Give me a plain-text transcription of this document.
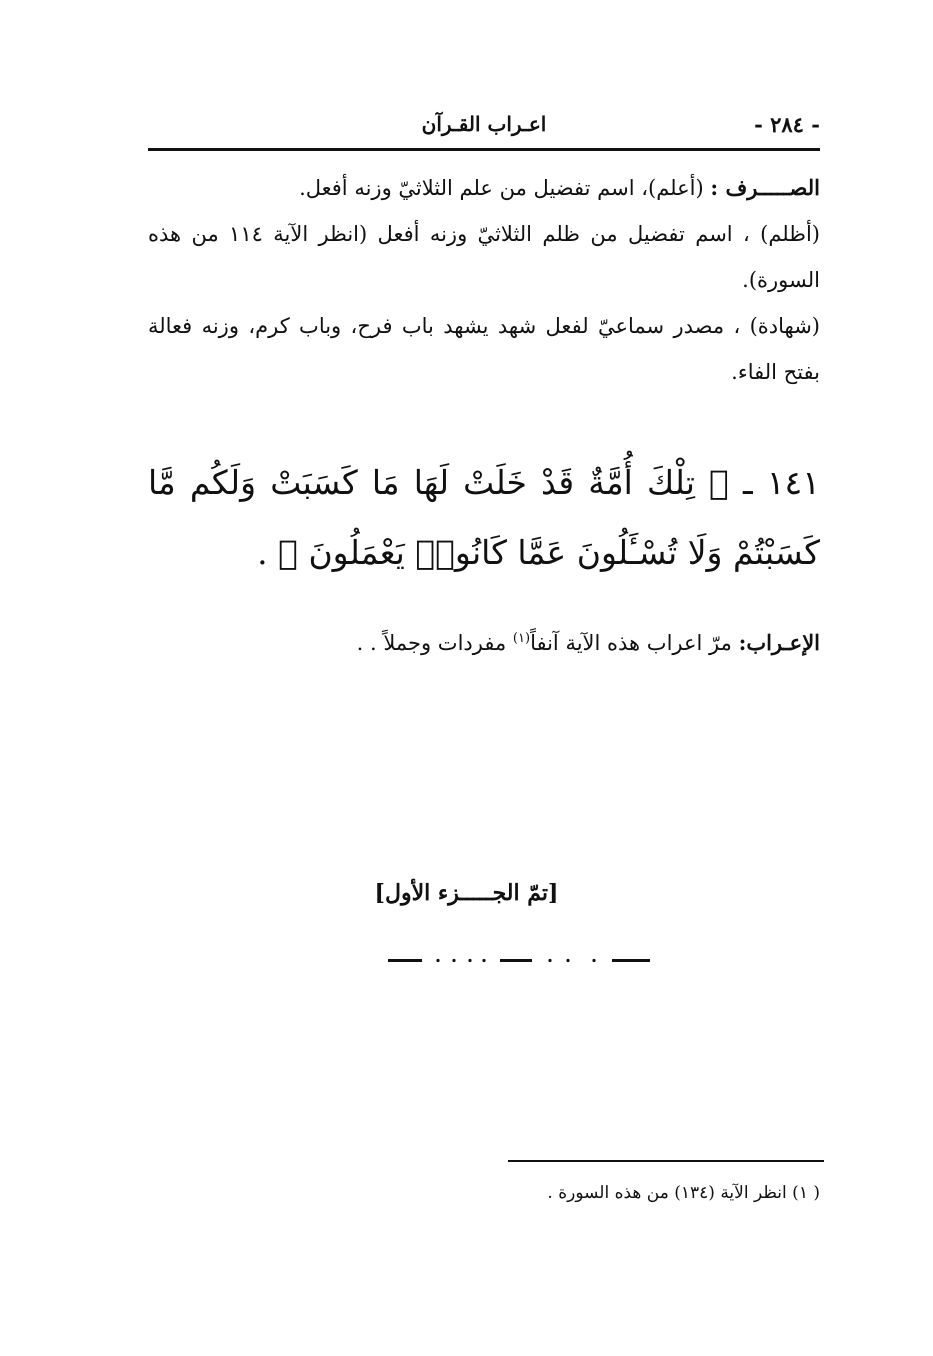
- ٢٨٤ -
اعـراب القـرآن

الصـــــرف : (أعلم)، اسم تفضيل من علم الثلاثيّ وزنه أفعل.

(أظلم) ، اسم تفضيل من ظلم الثلاثيّ وزنه أفعل (انظر الآية ١١٤ من هذه السورة).

(شهادة) ، مصدر سماعيّ لفعل شهد يشهد باب فرح، وباب كرم، وزنه فعالة بفتح الفاء.

١٤١ ـ ﴿ تِلْكَ أُمَّةٌ قَدْ خَلَتْ لَهَا مَا كَسَبَتْ وَلَكُم مَّا كَسَبْتُمْ وَلَا تُسْـَٔلُونَ عَمَّا كَانُوا۟ يَعْمَلُونَ ﴾ .
الإعـراب: مرّ اعراب هذه الآية آنفاً$^{(١)}$ مفردات وجملاً . .
[تمّ الجـــــزء الأول]
( ١) انظر الآية (١٣٤) من هذه السورة .
